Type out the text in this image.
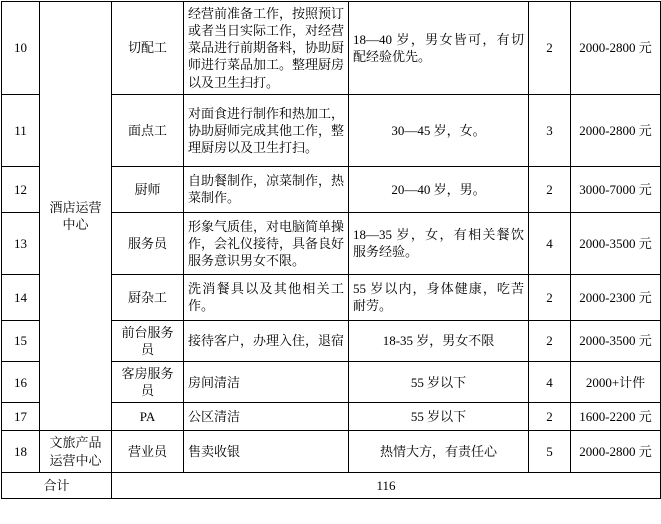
10	酒店运营中心	切配工	经营前准备工作，按照预订或者当日实际工作，对经营菜品进行前期备料，协助厨师进行菜品加工。整理厨房以及卫生扫打。	18—40 岁，男女皆可，有切配经验优先。	2	2000-2800 元
11		面点工	对面食进行制作和热加工，协助厨师完成其他工作，整理厨房以及卫生打扫。	30—45 岁，女。	3	2000-2800 元
12		厨师	自助餐制作，凉菜制作，热菜制作。	20—40 岁，男。	2	3000-7000 元
13		服务员	形象气质佳，对电脑简单操作，会礼仪接待，具备良好服务意识男女不限。	18—35 岁，女，有相关餐饮服务经验。	4	2000-3500 元
14		厨杂工	洗消餐具以及其他相关工作。	55 岁以内，身体健康，吃苦耐劳。	2	2000-2300 元
15		前台服务员	接待客户，办理入住，退宿	18-35 岁，男女不限	2	2000-3500 元
16		客房服务员	房间清洁	55 岁以下	4	2000+计件
17		PA	公区清洁	55 岁以下	2	1600-2200 元
18	文旅产品运营中心	营业员	售卖收银	热情大方，有责任心	5	2000-2800 元
合计		116				
